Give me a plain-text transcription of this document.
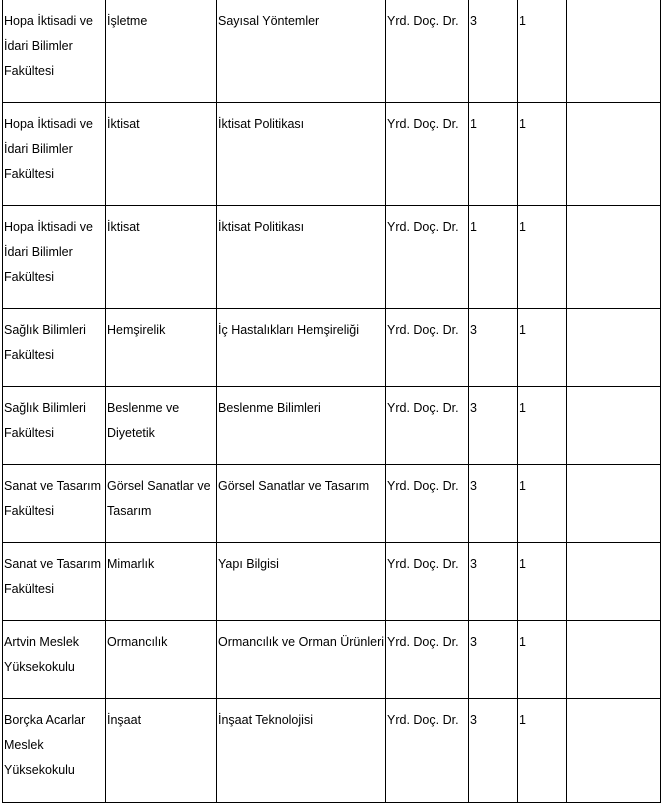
Hopa İktisadi ve İdari Bilimler Fakültesi	İşletme	Sayısal Yöntemler	Yrd. Doç. Dr.	3	1	
Hopa İktisadi ve İdari Bilimler Fakültesi	İktisat	İktisat Politikası	Yrd. Doç. Dr.	1	1	
Hopa İktisadi ve İdari Bilimler Fakültesi	İktisat	İktisat Politikası	Yrd. Doç. Dr.	1	1	
Sağlık Bilimleri Fakültesi	Hemşirelik	İç Hastalıkları Hemşireliği	Yrd. Doç. Dr.	3	1	
Sağlık Bilimleri Fakültesi	Beslenme ve Diyetetik	Beslenme Bilimleri	Yrd. Doç. Dr.	3	1	
Sanat ve Tasarım Fakültesi	Görsel Sanatlar ve Tasarım	Görsel Sanatlar ve Tasarım	Yrd. Doç. Dr.	3	1	
Sanat ve Tasarım Fakültesi	Mimarlık	Yapı Bilgisi	Yrd. Doç. Dr.	3	1	
Artvin Meslek Yüksekokulu	Ormancılık	Ormancılık ve Orman Ürünleri	Yrd. Doç. Dr.	3	1	
Borçka Acarlar Meslek Yüksekokulu	İnşaat	İnşaat Teknolojisi	Yrd. Doç. Dr.	3	1	
